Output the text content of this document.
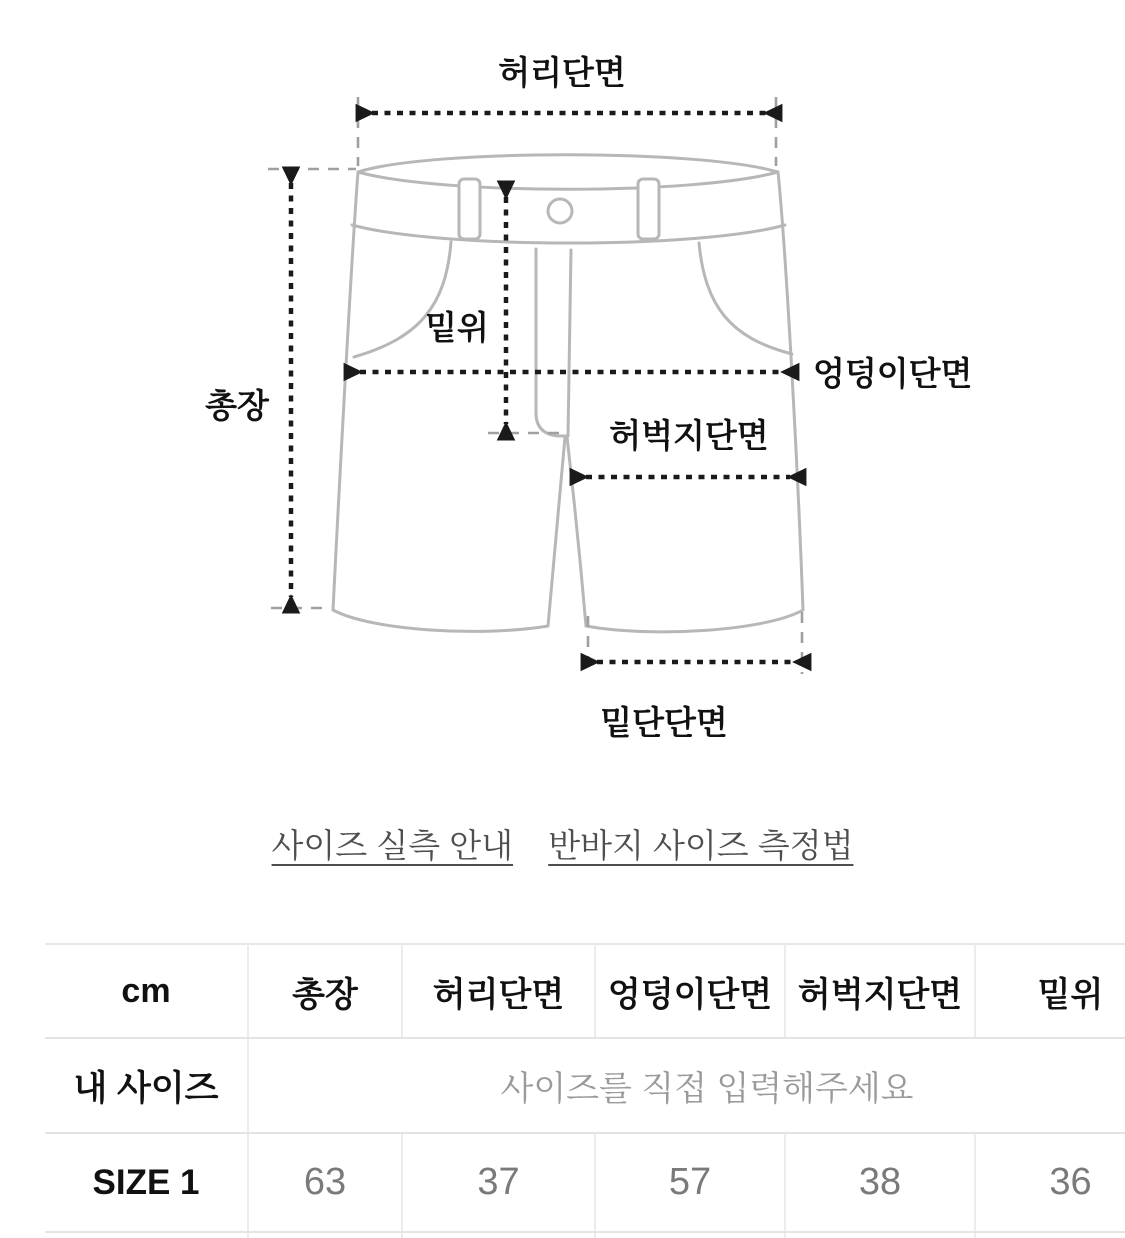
허리단면
총장
밑위
엉덩이단면
허벅지단면
밑단단면
사이즈 실측 안내 반바지 사이즈 측정법
cm	총장	허리단면	엉덩이단면	허벅지단면	밑위
내 사이즈	사이즈를 직접 입력해주세요				
SIZE 1	63	37	57	38	36
